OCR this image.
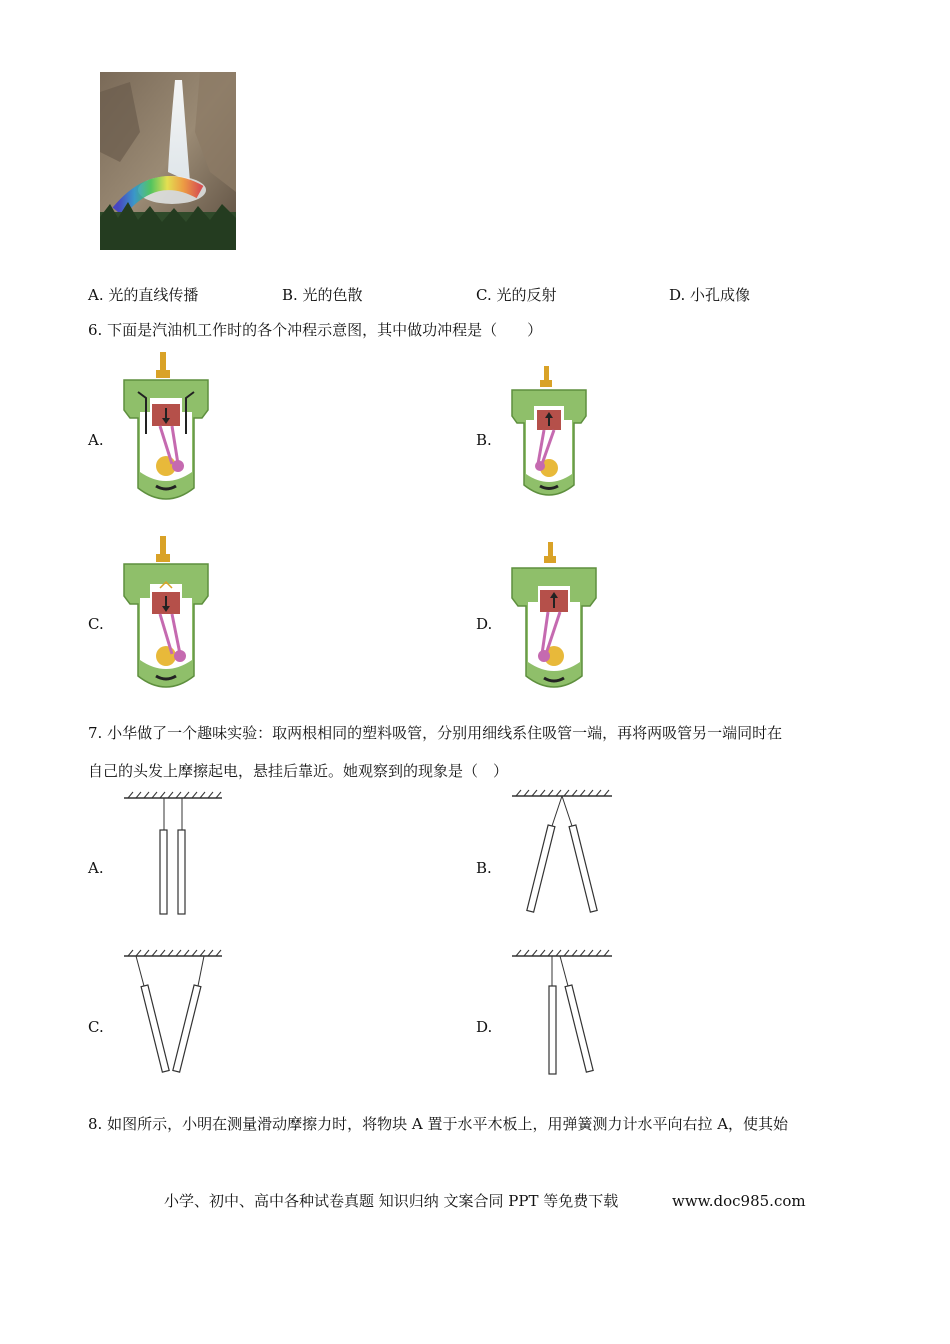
A. 光的直线传播	B. 光的色散	C. 光的反射	D. 小孔成像
6. 下面是汽油机工作时的各个冲程示意图，其中做功冲程是（　　）
A.	B.
C.	D.
7. 小华做了一个趣味实验：取两根相同的塑料吸管，分别用细线系住吸管一端，再将两吸管另一端同时在
自己的头发上摩擦起电，悬挂后靠近。她观察到的现象是（　）
A.	B.
C.	D.
8. 如图所示，小明在测量滑动摩擦力时，将物块 A 置于水平木板上，用弹簧测力计水平向右拉 A，使其始
小学、初中、高中各种试卷真题 知识归纳 文案合同 PPT 等免费下载	www.doc985.com
